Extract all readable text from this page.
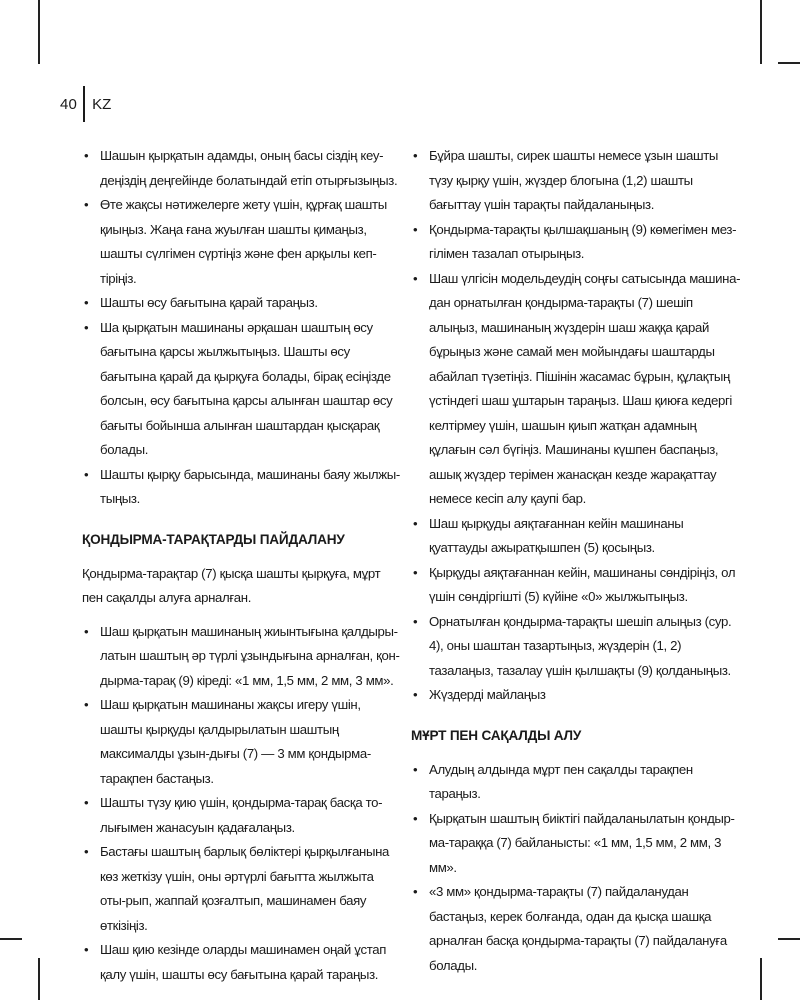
40 KZ
• Шашын қырқатын адамды, оның басы сіздің кеу-деңіздің деңгейінде болатындай етіп отырғызыңыз.
• Өте жақсы нәтижелерге жету үшін, құрғақ шашты қиыңыз. Жаңа ғана жуылған шашты қимаңыз, шашты сүлгімен сүртіңіз және фен арқылы кеп-тіріңіз.
• Шашты өсу бағытына қарай тараңыз.
• Ша қырқатын машинаны әрқашан шаштың өсу бағытына қарсы жылжытыңыз. Шашты өсу бағытына қарай да қырқуға болады, бірақ есіңізде болсын, өсу бағытына қарсы алынған шаштар өсу бағыты бойынша алынған шаштардан қысқарақ болады.
• Шашты қырқу барысында, машинаны баяу жылжы-тыңыз.
ҚОНДЫРМА-ТАРАҚТАРДЫ ПАЙДАЛАНУ

Қондырма-тарақтар (7) қысқа шашты қырқуға, мұрт пен сақалды алуға арналған.

• Шаш қырқатын машинаның жиынтығына қалдыры-латын шаштың әр түрлі ұзындығына арналған, қон-дырма-тарақ (9) кіреді: «1 мм, 1,5 мм, 2 мм, 3 мм».
• Шаш қырқатын машинаны жақсы игеру үшін, шашты қырқуды қалдырылатын шаштың максималды ұзын-дығы (7) — 3 мм қондырма-тарақпен бастаңыз.
• Шашты түзу қию үшін, қондырма-тарақ басқа то-лығымен жанасуын қадағалаңыз.
• Бастағы шаштың барлық бөліктері қырқылғанына көз жеткізу үшін, оны әртүрлі бағытта жылжыта оты-рып, жаппай қозғалтып, машинамен баяу өткізіңіз.
• Шаш қию кезінде оларды машинамен оңай ұстап қалу үшін, шашты өсу бағытына қарай тараңыз.
• Бұйра шашты, сирек шашты немесе ұзын шашты түзу қырқу үшін, жүздер блогына (1,2) шашты бағыттау үшін тарақты пайдаланыңыз.
• Қондырма-тарақты қылшақшаның (9) көмегімен мез-гілімен тазалап отырыңыз.
• Шаш үлгісін модельдеудің соңғы сатысында машина-дан орнатылған қондырма-тарақты (7) шешіп алыңыз, машинаның жүздерін шаш жаққа қарай бұрыңыз және самай мен мойындағы шаштарды абайлап түзетіңіз. Пішінін жасамас бұрын, құлақтың үстіндегі шаш ұштарын тараңыз. Шаш қиюға кедергі келтірмеу үшін, шашын қиып жатқан адамның құлағын сәл бүгіңіз. Машинаны күшпен баспаңыз, ашық жүздер терімен жанасқан кезде жарақаттау немесе кесіп алу қаупі бар.
• Шаш қырқуды аяқтағаннан кейін машинаны қуаттауды ажыратқышпен (5) қосыңыз.
• Қырқуды аяқтағаннан кейін, машинаны сөндіріңіз, ол үшін сөндіргішті (5) күйіне «0» жылжытыңыз.
• Орнатылған қондырма-тарақты шешіп алыңыз (сур. 4), оны шаштан тазартыңыз, жүздерін (1, 2) тазалаңыз, тазалау үшін қылшақты (9) қолданыңыз.
• Жүздерді майлаңыз
МҰРТ ПЕН САҚАЛДЫ АЛУ
• Алудың алдында мұрт пен сақалды тарақпен тараңыз.
• Қырқатын шаштың биіктігі пайдаланылатын қондыр-ма-тараққа (7) байланысты: «1 мм, 1,5 мм, 2 мм, 3 мм».
• «3 мм» қондырма-тарақты (7) пайдаланудан бастаңыз, керек болғанда, одан да қысқа шашқа арналған басқа қондырма-тарақты (7) пайдалануға болады.
